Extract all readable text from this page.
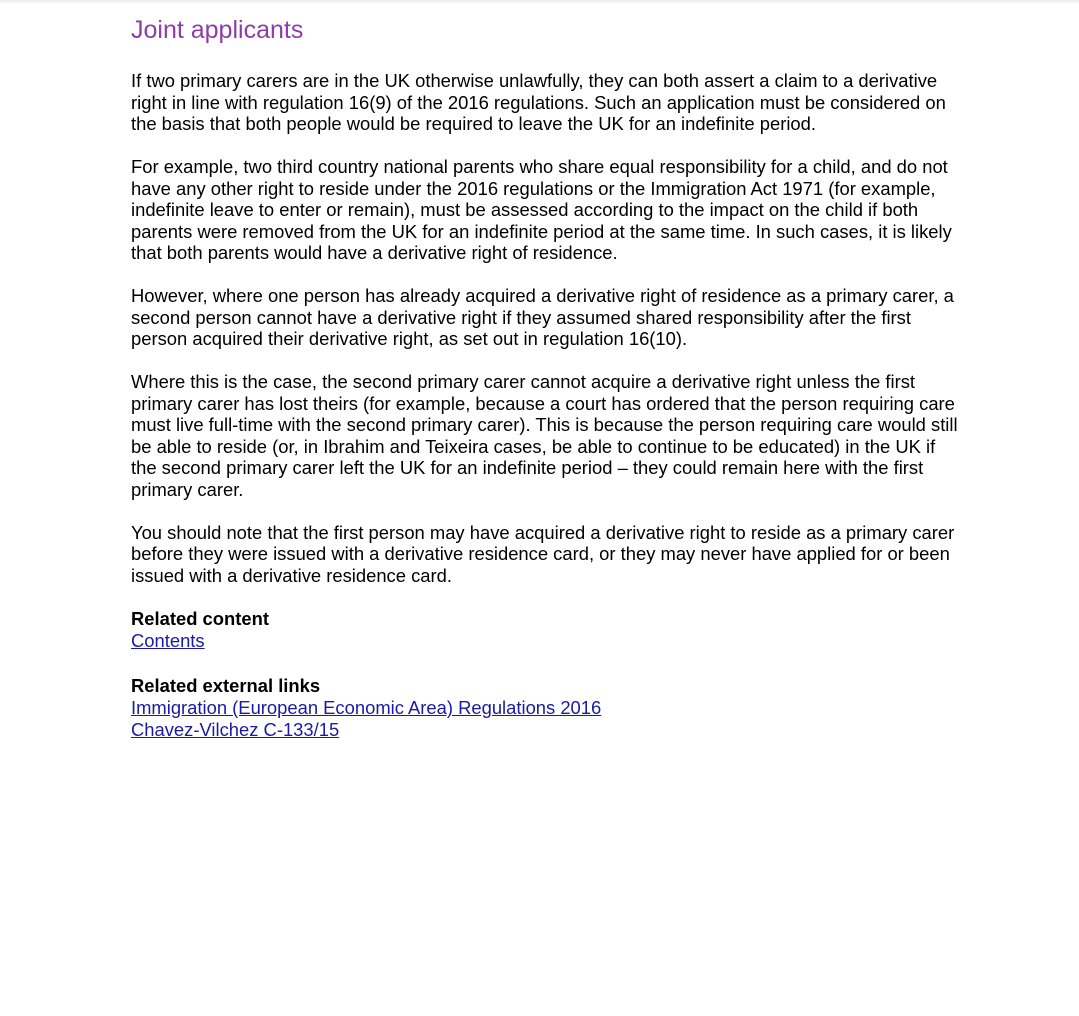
Joint applicants

If two primary carers are in the UK otherwise unlawfully, they can both assert a claim to a derivative right in line with regulation 16(9) of the 2016 regulations. Such an application must be considered on the basis that both people would be required to leave the UK for an indefinite period.

For example, two third country national parents who share equal responsibility for a child, and do not have any other right to reside under the 2016 regulations or the Immigration Act 1971 (for example, indefinite leave to enter or remain), must be assessed according to the impact on the child if both parents were removed from the UK for an indefinite period at the same time. In such cases, it is likely that both parents would have a derivative right of residence.

However, where one person has already acquired a derivative right of residence as a primary carer, a second person cannot have a derivative right if they assumed shared responsibility after the first person acquired their derivative right, as set out in regulation 16(10).

Where this is the case, the second primary carer cannot acquire a derivative right unless the first primary carer has lost theirs (for example, because a court has ordered that the person requiring care must live full-time with the second primary carer). This is because the person requiring care would still be able to reside (or, in Ibrahim and Teixeira cases, be able to continue to be educated) in the UK if the second primary carer left the UK for an indefinite period – they could remain here with the first primary carer.

You should note that the first person may have acquired a derivative right to reside as a primary carer before they were issued with a derivative residence card, or they may never have applied for or been issued with a derivative residence card.

Related content
Contents
Related external links
Immigration (European Economic Area) Regulations 2016
Chavez-Vilchez C-133/15
